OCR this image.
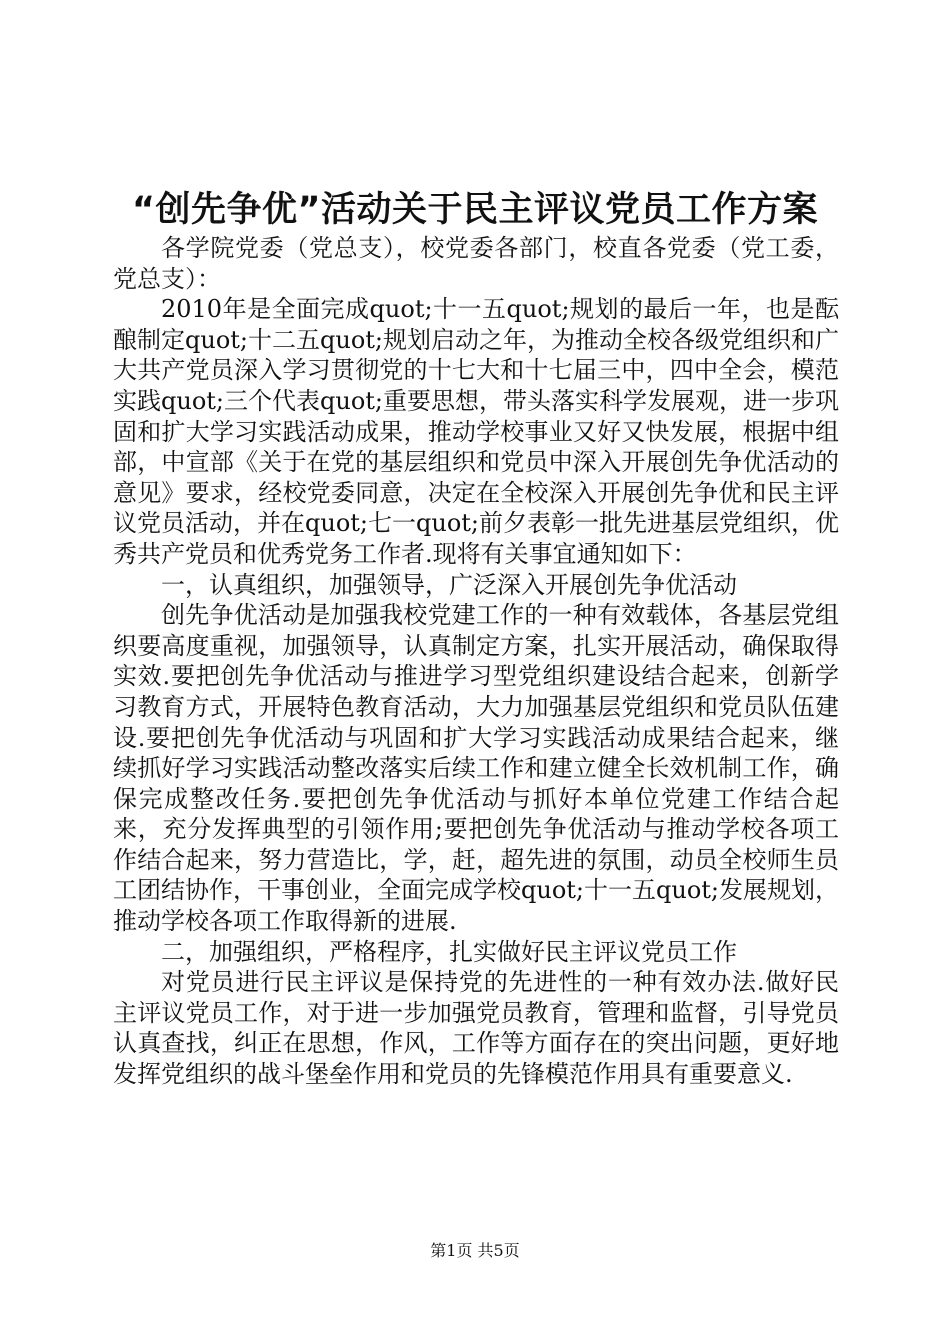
“创先争优”活动关于民主评议党员工作方案

各学院党委（党总支），校党委各部门，校直各党委（党工委，党总支）：

2010年是全面完成quot;十一五quot;规划的最后一年，也是酝酿制定quot;十二五quot;规划启动之年，为推动全校各级党组织和广大共产党员深入学习贯彻党的十七大和十七届三中，四中全会，模范实践quot;三个代表quot;重要思想，带头落实科学发展观，进一步巩固和扩大学习实践活动成果，推动学校事业又好又快发展，根据中组部，中宣部《关于在党的基层组织和党员中深入开展创先争优活动的意见》要求，经校党委同意，决定在全校深入开展创先争优和民主评议党员活动，并在quot;七一quot;前夕表彰一批先进基层党组织，优秀共产党员和优秀党务工作者.现将有关事宜通知如下：

一，认真组织，加强领导，广泛深入开展创先争优活动

创先争优活动是加强我校党建工作的一种有效载体，各基层党组织要高度重视，加强领导，认真制定方案，扎实开展活动，确保取得实效.要把创先争优活动与推进学习型党组织建设结合起来，创新学习教育方式，开展特色教育活动，大力加强基层党组织和党员队伍建设.要把创先争优活动与巩固和扩大学习实践活动成果结合起来，继续抓好学习实践活动整改落实后续工作和建立健全长效机制工作，确保完成整改任务.要把创先争优活动与抓好本单位党建工作结合起来，充分发挥典型的引领作用;要把创先争优活动与推动学校各项工作结合起来，努力营造比，学，赶，超先进的氛围，动员全校师生员工团结协作，干事创业，全面完成学校quot;十一五quot;发展规划，推动学校各项工作取得新的进展.

二，加强组织，严格程序，扎实做好民主评议党员工作

对党员进行民主评议是保持党的先进性的一种有效办法.做好民主评议党员工作，对于进一步加强党员教育，管理和监督，引导党员认真查找，纠正在思想，作风，工作等方面存在的突出问题，更好地发挥党组织的战斗堡垒作用和党员的先锋模范作用具有重要意义.

第1页 共5页
